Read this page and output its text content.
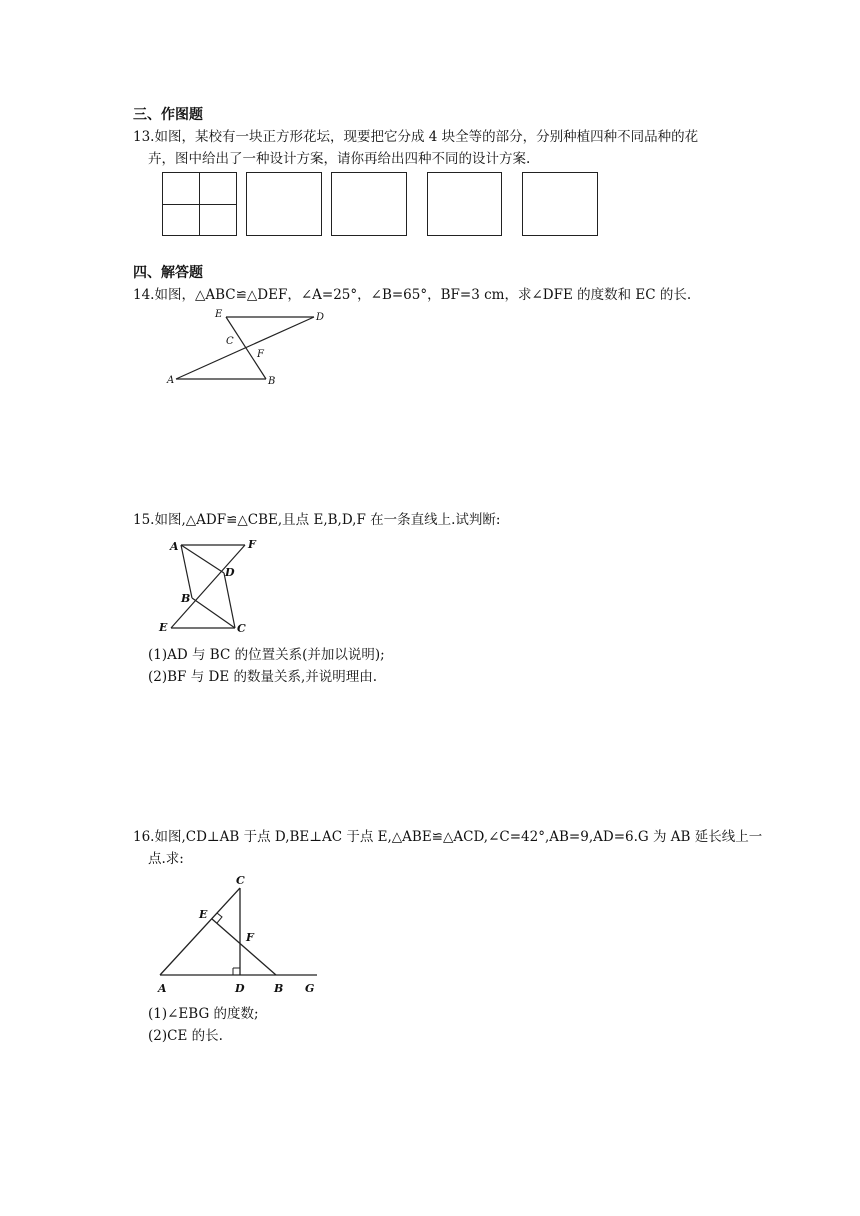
三、作图题
13.如图，某校有一块正方形花坛，现要把它分成 4 块全等的部分，分别种植四种不同品种的花
卉，图中给出了一种设计方案，请你再给出四种不同的设计方案.
四、解答题
14.如图，△ABC≌△DEF，∠A=25°，∠B=65°，BF=3 cm，求∠DFE 的度数和 EC 的长.
E	D
C
F
A	B
15.如图,△ADF≌△CBE,且点 E,B,D,F 在一条直线上.试判断:
A	F
D
B
E	C
(1)AD 与 BC 的位置关系(并加以说明);
(2)BF 与 DE 的数量关系,并说明理由.
16.如图,CD⊥AB 于点 D,BE⊥AC 于点 E,△ABE≌△ACD,∠C=42°,AB=9,AD=6.G 为 AB 延长线上一
点.求:
C
E
F
A	D	B G
(1)∠EBG 的度数;
(2)CE 的长.
